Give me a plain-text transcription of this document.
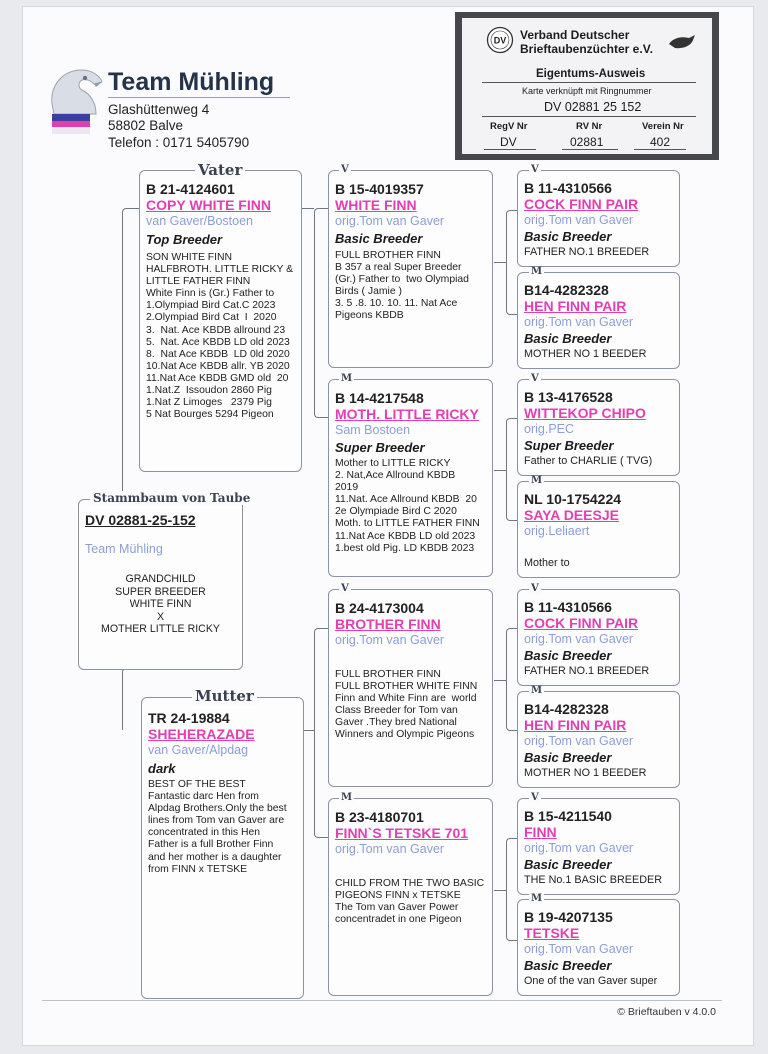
Team Mühling
Glashüttenweg 4
58802 Balve
Telefon : 0171 5405790
DV Verband Deutscher
Brieftaubenzüchter e.V.
Eigentums-Ausweis
Karte verknüpft mit Ringnummer
DV 02881 25 152
RegV Nr	RV Nr	Verein Nr
DV	02881	402
DV 02881-25-152
Team Mühling
GRANDCHILD
SUPER BREEDER
WHITE FINN
X
MOTHER LITTLE RICKY
Stammbaum von Taube
B 21-4124601
COPY WHITE FINN
van Gaver/Bostoen
Top Breeder
SON WHITE FINN
HALFBROTH. LITTLE RICKY &
LITTLE FATHER FINN
White Finn is (Gr.) Father to
1.Olympiad Bird Cat.C 2023
2.Olympiad Bird Cat  I  2020
3.  Nat. Ace KBDB allround 23
5.  Nat. Ace KBDB LD old 2023
8.  Nat Ace KBDB  LD 0ld 2020
10.Nat Ace KBDB allr. YB 2020
11.Nat Ace KBDB GMD old  20
1.Nat.Z  Issoudon 2860 Pig
1.Nat Z Limoges   2379 Pig
5 Nat Bourges 5294 Pigeon
Vater
TR 24-19884
SHEHERAZADE
van Gaver/Alpdag
dark
BEST OF THE BEST
Fantastic darc Hen from
Alpdag Brothers.Only the best
lines from Tom van Gaver are
concentrated in this Hen
Father is a full Brother Finn
and her mother is a daughter
from FINN x TETSKE
Mutter
B 15-4019357
WHITE FINN
orig.Tom van Gaver
Basic Breeder
FULL BROTHER FINN
B 357 a real Super Breeder
(Gr.) Father to  two Olympiad
Birds ( Jamie )
3. 5 .8. 10. 10. 11. Nat Ace
Pigeons KBDB
V
B 14-4217548
MOTH. LITTLE RICKY
Sam Bostoen
Super Breeder
Mother to LITTLE RICKY
2. Nat,Ace Allround KBDB
2019
11.Nat. Ace Allround KBDB  20
2e Olympiade Bird C 2020
Moth. to LITTLE FATHER FINN
11.Nat Ace KBDB LD old 2023
1.best old Pig. LD KBDB 2023
M
B 24-4173004
BROTHER FINN
orig.Tom van Gaver
FULL BROTHER FINN
FULL BROTHER WHITE FINN
Finn and White Finn are  world
Class Breeder for Tom van
Gaver .They bred National
Winners and Olympic Pigeons
V
B 23-4180701
FINN`S TETSKE 701
orig.Tom van Gaver
CHILD FROM THE TWO BASIC
PIGEONS FINN x TETSKE
The Tom van Gaver Power
concentradet in one Pigeon
M
B 11-4310566
COCK FINN PAIR
orig.Tom van Gaver
Basic Breeder
FATHER NO.1 BREEDER
V
B14-4282328
HEN FINN PAIR
orig.Tom van Gaver
Basic Breeder
MOTHER NO 1 BEEDER
M
B 13-4176528
WITTEKOP CHIPO
orig.PEC
Super Breeder
Father to CHARLIE ( TVG)
V
NL 10-1754224
SAYA DEESJE
orig.Leliaert
Mother to
M
B 11-4310566
COCK FINN PAIR
orig.Tom van Gaver
Basic Breeder
FATHER NO.1 BREEDER
V
B14-4282328
HEN FINN PAIR
orig.Tom van Gaver
Basic Breeder
MOTHER NO 1 BEEDER
M
B 15-4211540
FINN
orig.Tom van Gaver
Basic Breeder
THE No.1 BASIC BREEDER
V
B 19-4207135
TETSKE
orig.Tom van Gaver
Basic Breeder
One of the van Gaver super
M
© Brieftauben v 4.0.0
